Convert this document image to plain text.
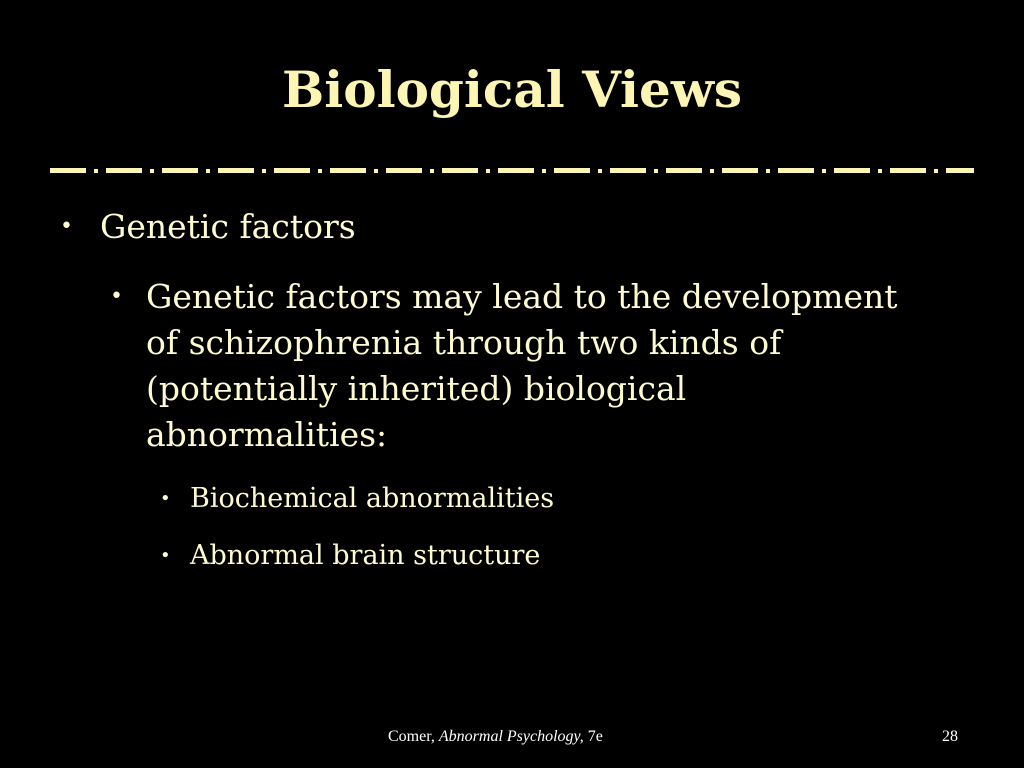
Biological Views
• Genetic factors
• Genetic factors may lead to the development of schizophrenia through two kinds of (potentially inherited) biological abnormalities:
• Biochemical abnormalities
• Abnormal brain structure
Comer, Abnormal Psychology, 7e	28
